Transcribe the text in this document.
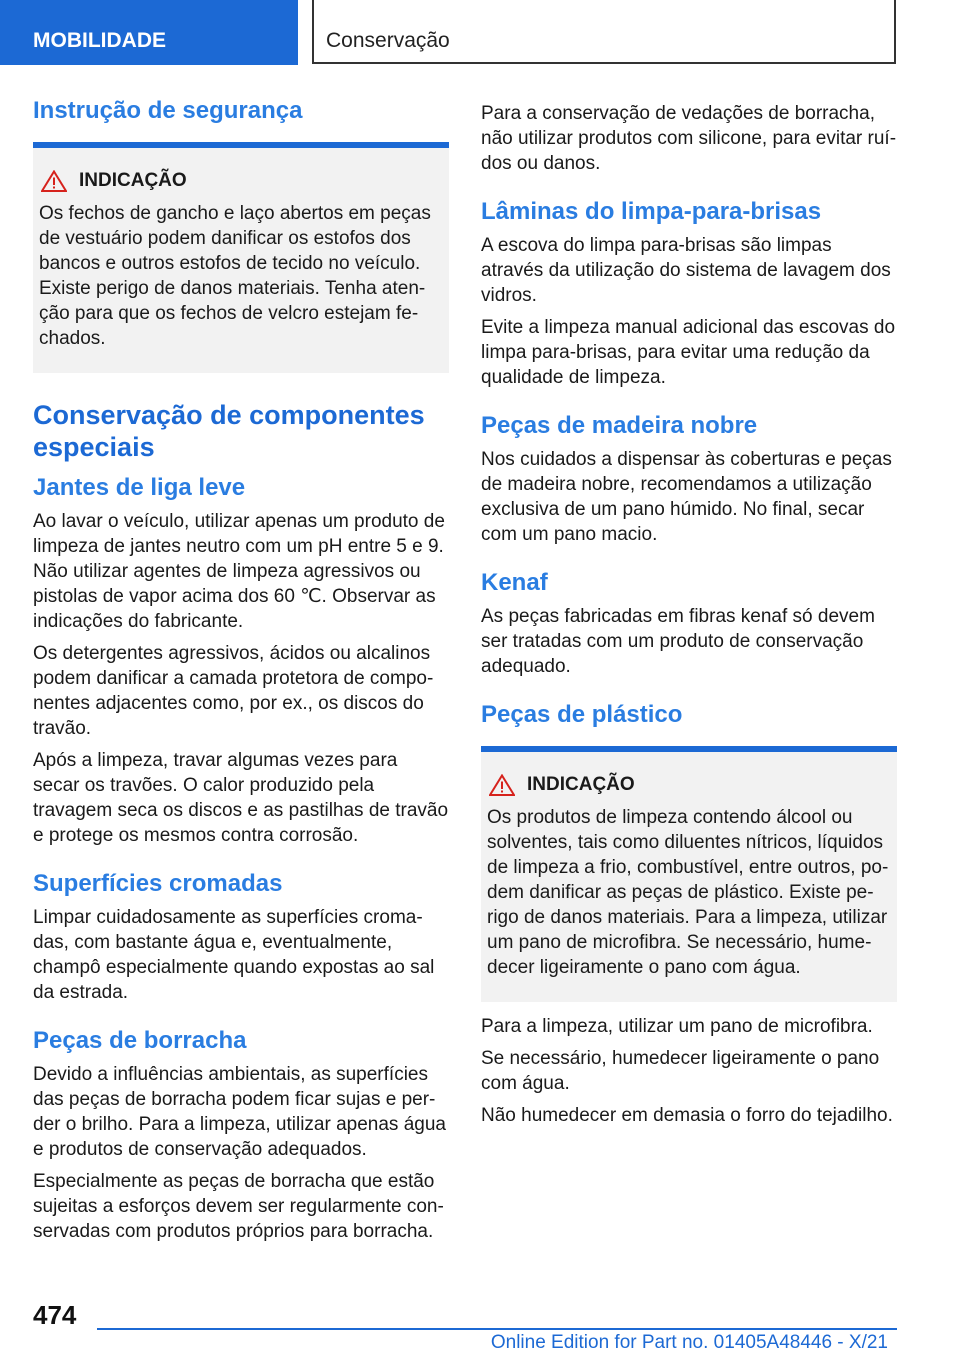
MOBILIDADE	Conservação
Instrução de segurança
INDICAÇÃO

Os fechos de gancho e laço abertos em peças de vestuário podem danificar os estofos dos bancos e outros estofos de tecido no veículo. Existe perigo de danos materiais. Tenha aten-ção para que os fechos de velcro estejam fe-chados.

Conservação de componentes especiais
Jantes de liga leve

Ao lavar o veículo, utilizar apenas um produto de limpeza de jantes neutro com um pH entre 5 e 9. Não utilizar agentes de limpeza agressivos ou pistolas de vapor acima dos 60 ℃. Observar as indicações do fabricante.

Os detergentes agressivos, ácidos ou alcalinos podem danificar a camada protetora de compo-nentes adjacentes como, por ex., os discos do travão.

Após a limpeza, travar algumas vezes para secar os travões. O calor produzido pela travagem seca os discos e as pastilhas de travão e protege os mesmos contra corrosão.

Superfícies cromadas

Limpar cuidadosamente as superfícies croma-das, com bastante água e, eventualmente, champô especialmente quando expostas ao sal da estrada.

Peças de borracha

Devido a influências ambientais, as superfícies das peças de borracha podem ficar sujas e per-der o brilho. Para a limpeza, utilizar apenas água e produtos de conservação adequados.

Especialmente as peças de borracha que estão sujeitas a esforços devem ser regularmente con-servadas com produtos próprios para borracha.

Para a conservação de vedações de borracha, não utilizar produtos com silicone, para evitar ruí-dos ou danos.

Lâminas do limpa-para-brisas

A escova do limpa para-brisas são limpas através da utilização do sistema de lavagem dos vidros.

Evite a limpeza manual adicional das escovas do limpa para-brisas, para evitar uma redução da qualidade de limpeza.

Peças de madeira nobre

Nos cuidados a dispensar às coberturas e peças de madeira nobre, recomendamos a utilização exclusiva de um pano húmido. No final, secar com um pano macio.

Kenaf

As peças fabricadas em fibras kenaf só devem ser tratadas com um produto de conservação adequado.

Peças de plástico
INDICAÇÃO

Os produtos de limpeza contendo álcool ou solventes, tais como diluentes nítricos, líquidos de limpeza a frio, combustível, entre outros, po-dem danificar as peças de plástico. Existe pe-rigo de danos materiais. Para a limpeza, utilizar um pano de microfibra. Se necessário, hume-decer ligeiramente o pano com água.

Para a limpeza, utilizar um pano de microfibra.

Se necessário, humedecer ligeiramente o pano com água.

Não humedecer em demasia o forro do tejadilho.

474
Online Edition for Part no. 01405A48446 - X/21
